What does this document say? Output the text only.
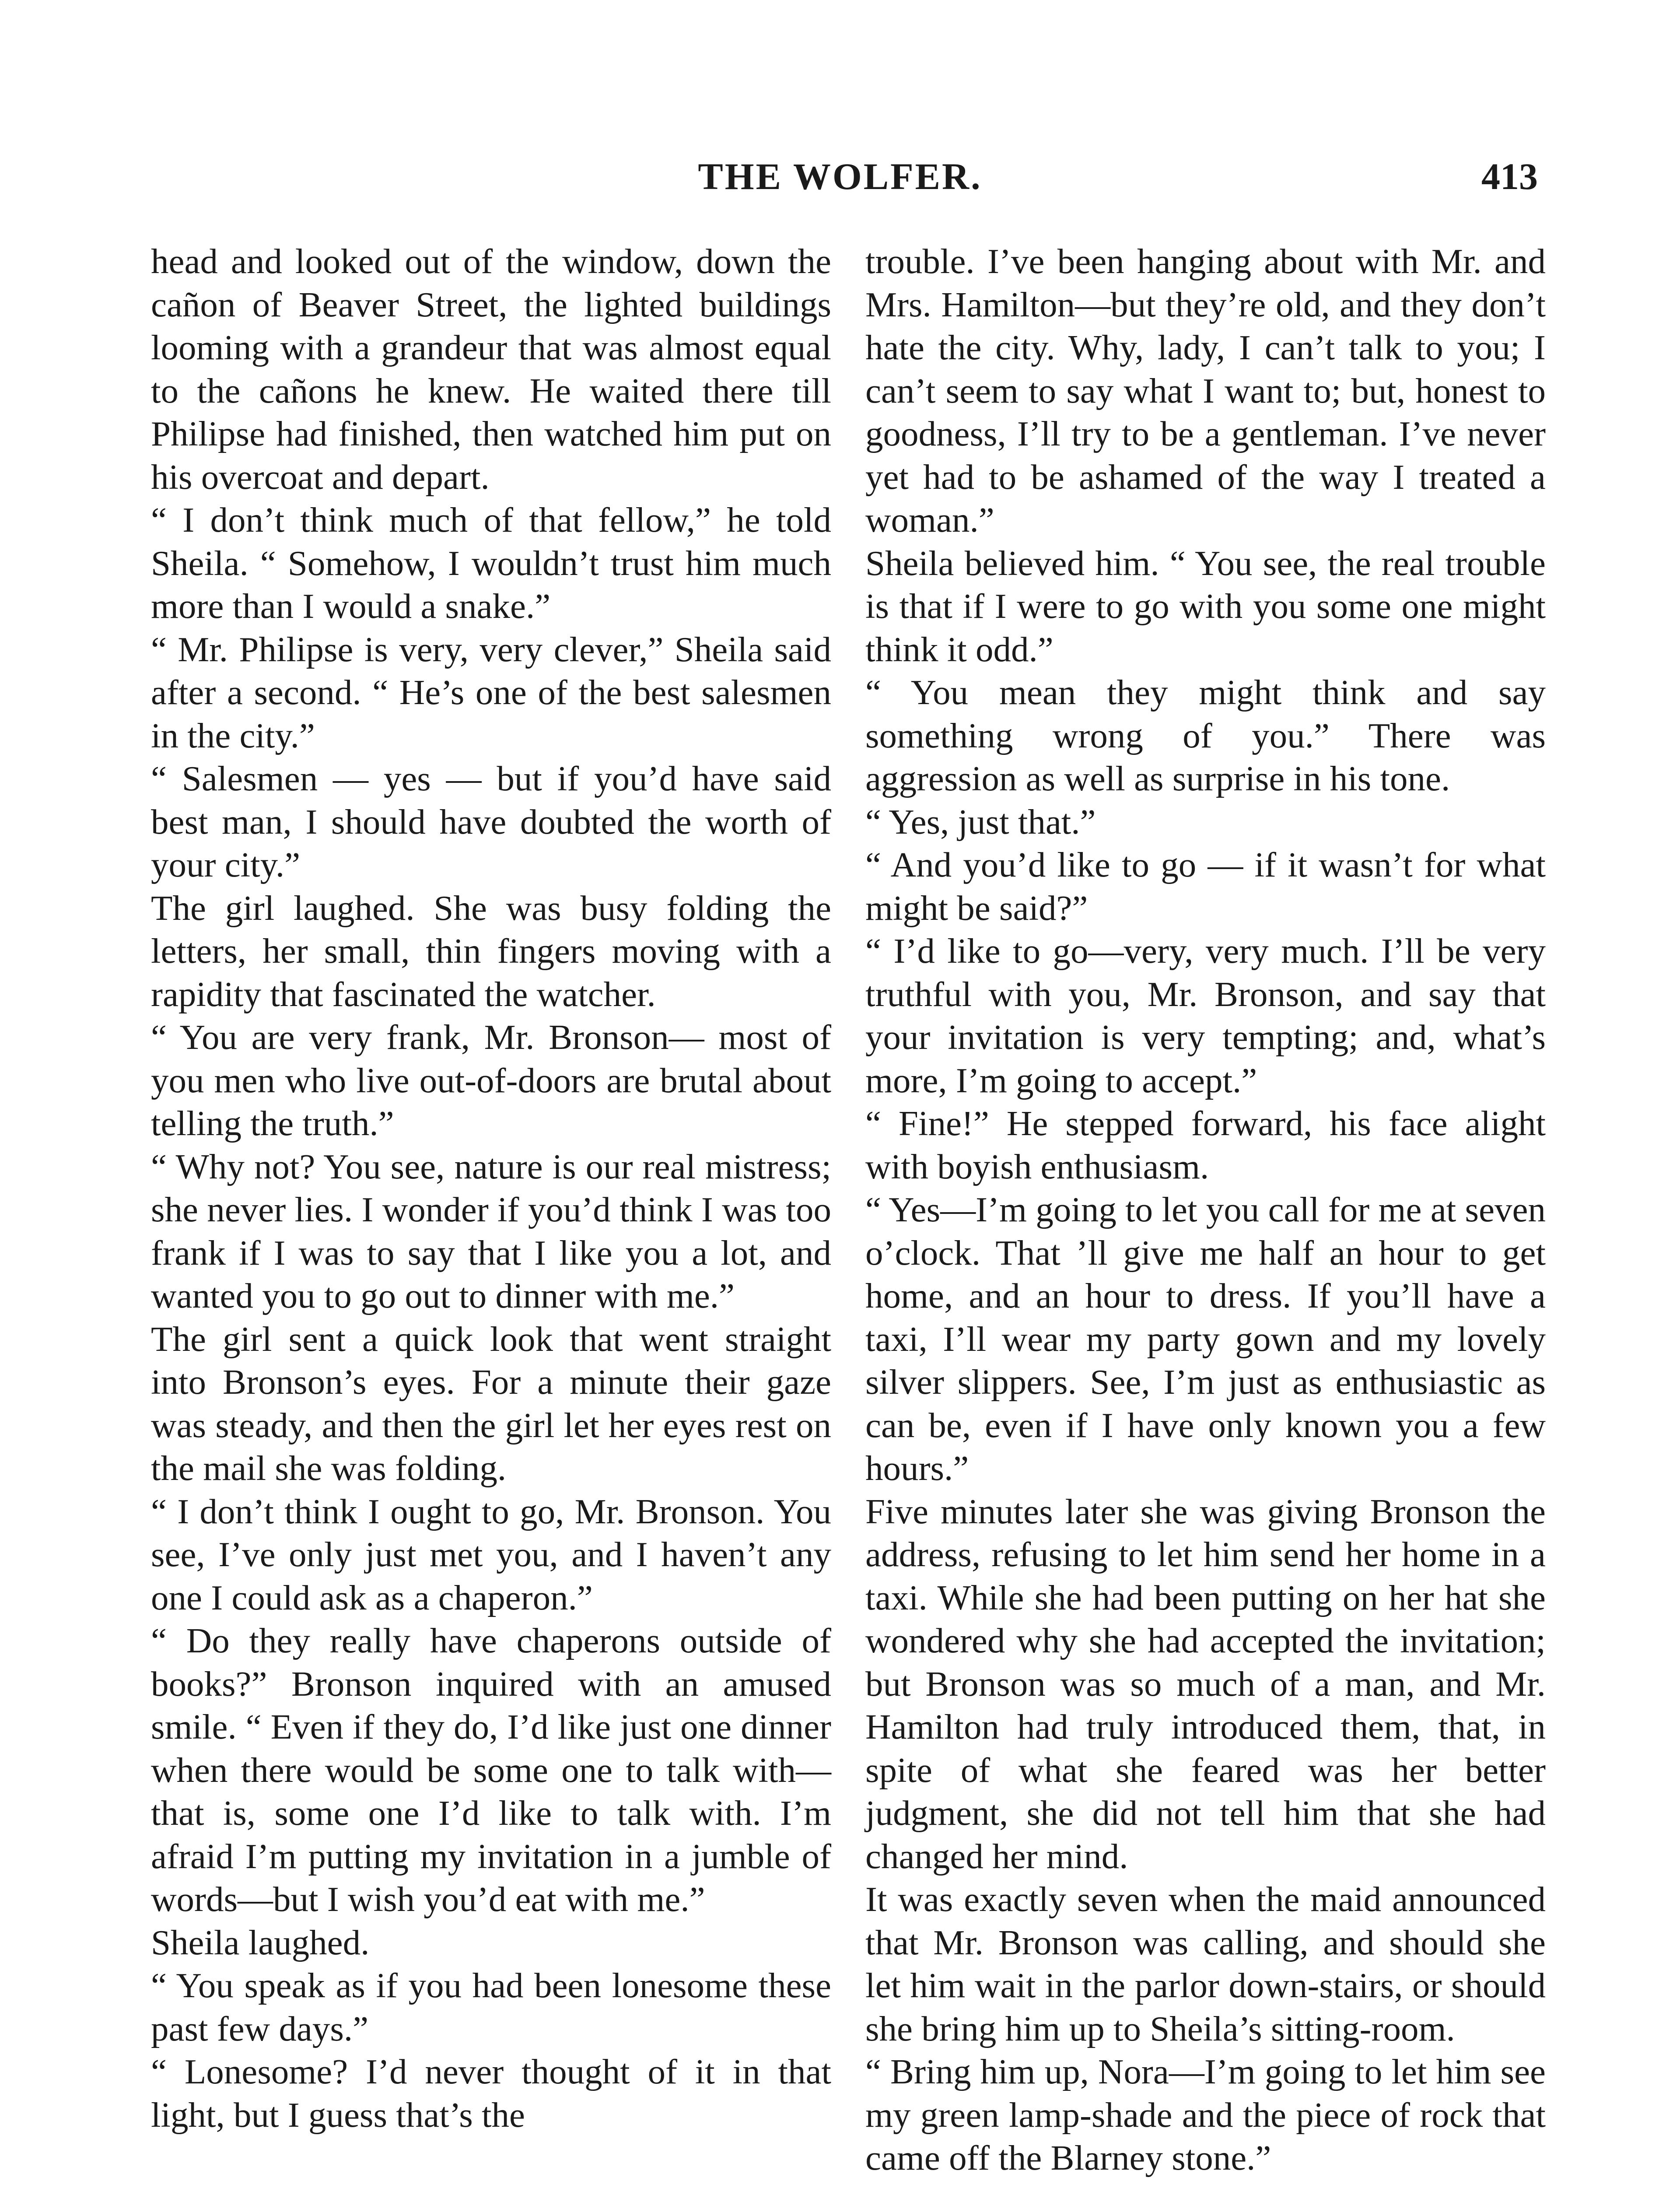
THE WOLFER.	413

head and looked out of the window, down the cañon of Beaver Street, the lighted buildings looming with a grandeur that was almost equal to the cañons he knew. He waited there till Philipse had finished, then watched him put on his overcoat and depart.

“ I don’t think much of that fellow,” he told Sheila. “ Somehow, I wouldn’t trust him much more than I would a snake.”

“ Mr. Philipse is very, very clever,” Sheila said after a second. “ He’s one of the best salesmen in the city.”

“ Salesmen — yes — but if you’d have said best man, I should have doubted the worth of your city.”

The girl laughed. She was busy folding the letters, her small, thin fingers moving with a rapidity that fascinated the watcher.

“ You are very frank, Mr. Bronson— most of you men who live out-of-doors are brutal about telling the truth.”

“ Why not? You see, nature is our real mistress; she never lies. I wonder if you’d think I was too frank if I was to say that I like you a lot, and wanted you to go out to dinner with me.”

The girl sent a quick look that went straight into Bronson’s eyes. For a minute their gaze was steady, and then the girl let her eyes rest on the mail she was folding.

“ I don’t think I ought to go, Mr. Bronson. You see, I’ve only just met you, and I haven’t any one I could ask as a chaperon.”

“ Do they really have chaperons outside of books?” Bronson inquired with an amused smile. “ Even if they do, I’d like just one dinner when there would be some one to talk with—that is, some one I’d like to talk with. I’m afraid I’m putting my invitation in a jumble of words—but I wish you’d eat with me.”

Sheila laughed.

“ You speak as if you had been lonesome these past few days.”

“ Lonesome? I’d never thought of it in that light, but I guess that’s the

trouble. I’ve been hanging about with Mr. and Mrs. Hamilton—but they’re old, and they don’t hate the city. Why, lady, I can’t talk to you; I can’t seem to say what I want to; but, honest to goodness, I’ll try to be a gentleman. I’ve never yet had to be ashamed of the way I treated a woman.”

Sheila believed him. “ You see, the real trouble is that if I were to go with you some one might think it odd.”

“ You mean they might think and say something wrong of you.” There was aggression as well as surprise in his tone.

“ Yes, just that.”

“ And you’d like to go — if it wasn’t for what might be said?”

“ I’d like to go—very, very much. I’ll be very truthful with you, Mr. Bronson, and say that your invitation is very tempting; and, what’s more, I’m going to accept.”

“ Fine!” He stepped forward, his face alight with boyish enthusiasm.

“ Yes—I’m going to let you call for me at seven o’clock. That ’ll give me half an hour to get home, and an hour to dress. If you’ll have a taxi, I’ll wear my party gown and my lovely silver slippers. See, I’m just as enthusiastic as can be, even if I have only known you a few hours.”

Five minutes later she was giving Bronson the address, refusing to let him send her home in a taxi. While she had been putting on her hat she wondered why she had accepted the invitation; but Bronson was so much of a man, and Mr. Hamilton had truly introduced them, that, in spite of what she feared was her better judgment, she did not tell him that she had changed her mind.

It was exactly seven when the maid announced that Mr. Bronson was calling, and should she let him wait in the parlor down-stairs, or should she bring him up to Sheila’s sitting-room.

“ Bring him up, Nora—I’m going to let him see my green lamp-shade and the piece of rock that came off the Blarney stone.”
